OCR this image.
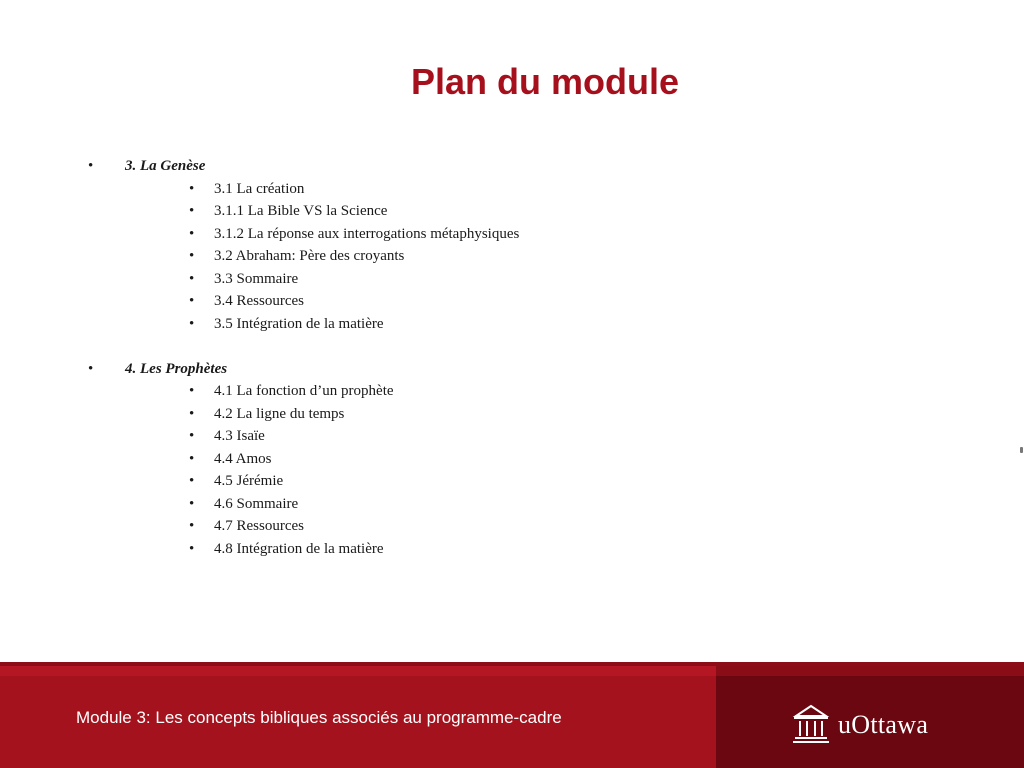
Plan du module
• 3. La Genèse
• 3.1 La création
• 3.1.1 La Bible VS la Science
• 3.1.2 La réponse aux interrogations métaphysiques
• 3.2 Abraham: Père des croyants
• 3.3 Sommaire
• 3.4 Ressources
• 3.5 Intégration de la matière
• 4. Les Prophètes
• 4.1 La fonction d’un prophète
• 4.2 La ligne du temps
• 4.3 Isaïe
• 4.4 Amos
• 4.5 Jérémie
• 4.6 Sommaire
• 4.7 Ressources
• 4.8 Intégration de la matière
Module 3: Les concepts bibliques associés au programme-cadre	uOttawa
